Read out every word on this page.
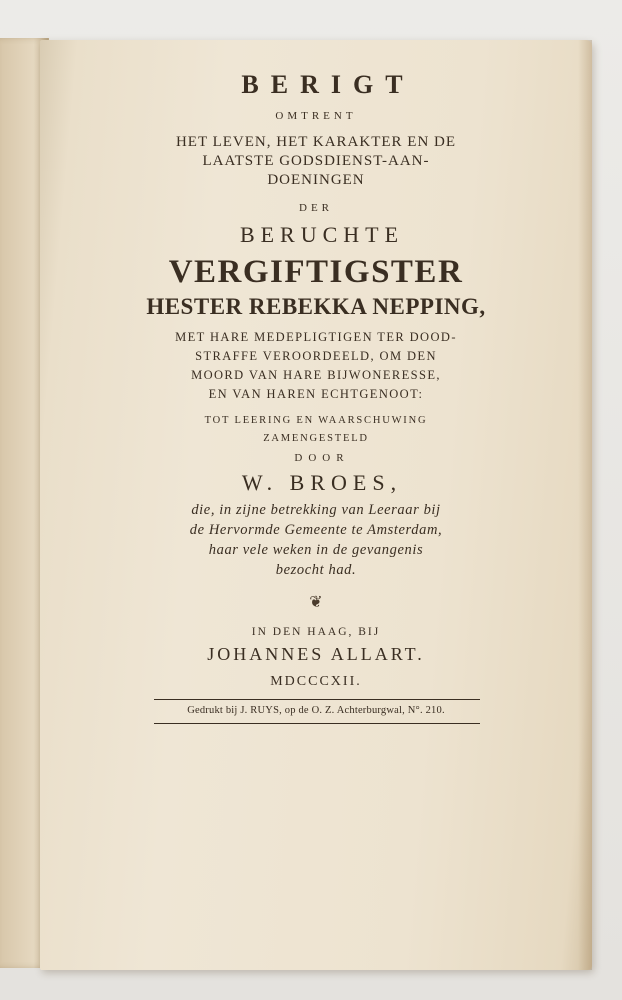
BERIGT
OMTRENT
HET LEVEN, HET KARAKTER EN DE
LAATSTE GODSDIENST-AAN-
DOENINGEN
DER
BERUCHTE
VERGIFTIGSTER
HESTER REBEKKA NEPPING,
MET HARE MEDEPLIGTIGEN TER DOOD-
STRAFFE VEROORDEELD, OM DEN
MOORD VAN HARE BIJWONERESSE,
EN VAN HAREN ECHTGENOOT:
TOT LEERING EN WAARSCHUWING
ZAMENGESTELD
DOOR
W. BROES,
die, in zijne betrekking van Leeraar bij
de Hervormde Gemeente te Amsterdam,
haar vele weken in de gevangenis
bezocht had.
❦
IN DEN HAAG, BIJ
JOHANNES ALLART.
MDCCCXII.
Gedrukt bij J. RUYS, op de O. Z. Achterburgwal, N°. 210.
